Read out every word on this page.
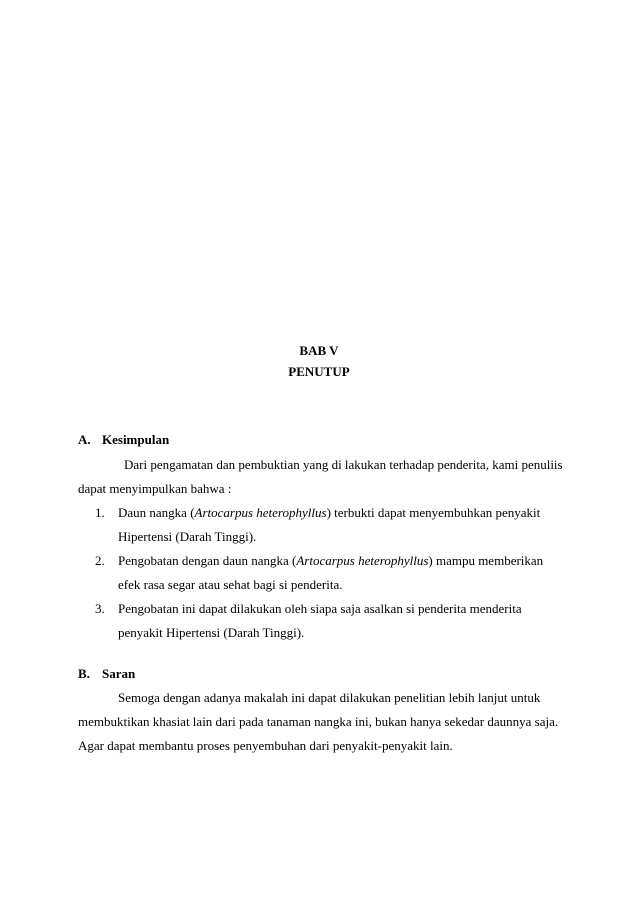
BAB V
PENUTUP
A. Kesimpulan
Dari pengamatan dan pembuktian yang di lakukan terhadap penderita, kami penuliis
dapat menyimpulkan bahwa :
1. Daun nangka (Artocarpus heterophyllus) terbukti dapat menyembuhkan penyakit
Hipertensi (Darah Tinggi).
2. Pengobatan dengan daun nangka (Artocarpus heterophyllus) mampu memberikan
efek rasa segar atau sehat bagi si penderita.
3. Pengobatan ini dapat dilakukan oleh siapa saja asalkan si penderita menderita
penyakit Hipertensi (Darah Tinggi).
B. Saran
Semoga dengan adanya makalah ini dapat dilakukan penelitian lebih lanjut untuk
membuktikan khasiat lain dari pada tanaman nangka ini, bukan hanya sekedar daunnya saja.
Agar dapat membantu proses penyembuhan dari penyakit-penyakit lain.
